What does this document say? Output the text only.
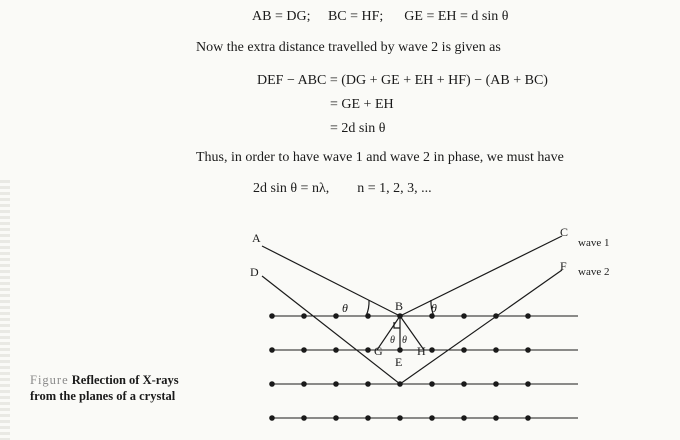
AB = DG;     BC = HF;      GE = EH = d sin θ
Now the extra distance travelled by wave 2 is given as
DEF − ABC = (DG + GE + EH + HF) − (AB + BC)
= GE + EH
= 2d sin θ
Thus, in order to have wave 1 and wave 2 in phase, we must have
2d sin θ = nλ,        n = 1, 2, 3, ...
A
D
C
F
B
G	H
E
θ	θ
θ θ
wave 1
wave 2
Figure Reflection of X-rays from the planes of a crystal
